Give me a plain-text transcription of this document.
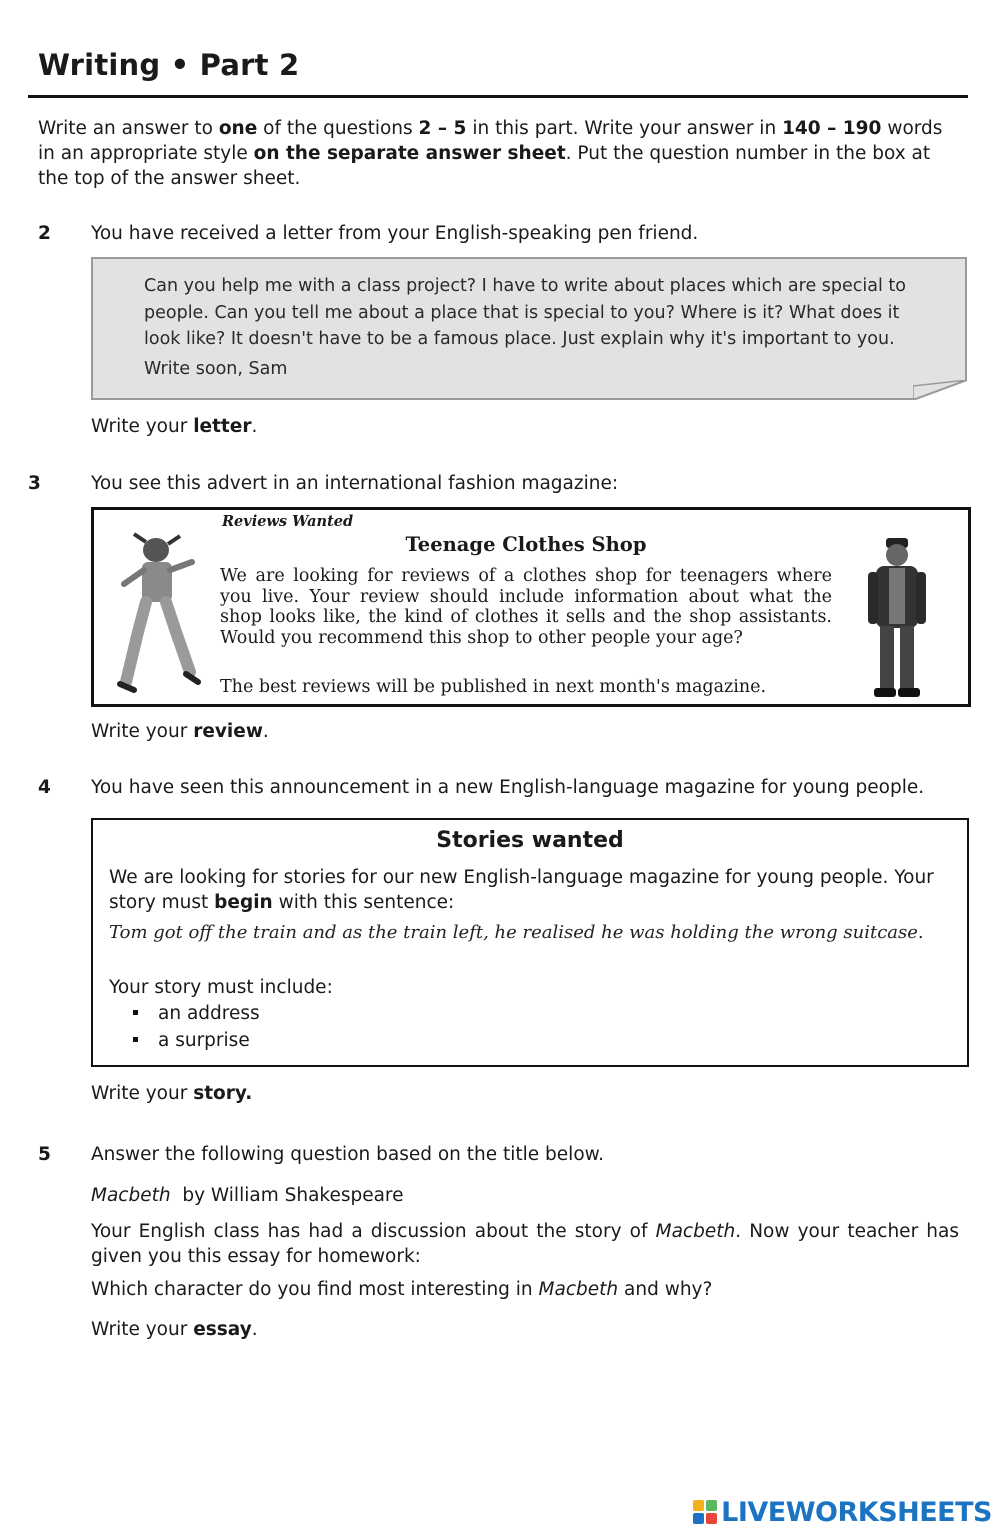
Writing • Part 2
Write an answer to one of the questions 2 – 5 in this part. Write your answer in 140 – 190 words in an appropriate style on the separate answer sheet. Put the question number in the box at the top of the answer sheet.
2 You have received a letter from your English-speaking pen friend.
Can you help me with a class project? I have to write about places which are special to people. Can you tell me about a place that is special to you? Where is it? What does it look like? It doesn't have to be a famous place. Just explain why it's important to you.
Write soon, Sam
Write your letter.
3	You see this advert in an international fashion magazine:
Reviews Wanted
Teenage Clothes Shop
We are looking for reviews of a clothes shop for teenagers where you live. Your review should include information about what the shop looks like, the kind of clothes it sells and the shop assistants. Would you recommend this shop to other people your age?
The best reviews will be published in next month's magazine.
Write your review.
4 You have seen this announcement in a new English-language magazine for young people.
Stories wanted
We are looking for stories for our new English-language magazine for young people. Your story must begin with this sentence:
Tom got off the train and as the train left, he realised he was holding the wrong suitcase.
Your story must include:
an address
a surprise
Write your story.
5 Answer the following question based on the title below.
Macbeth  by William Shakespeare
Your English class has had a discussion about the story of Macbeth. Now your teacher has given you this essay for homework:
Which character do you find most interesting in Macbeth and why?
Write your essay.
LIVEWORKSHEETS
